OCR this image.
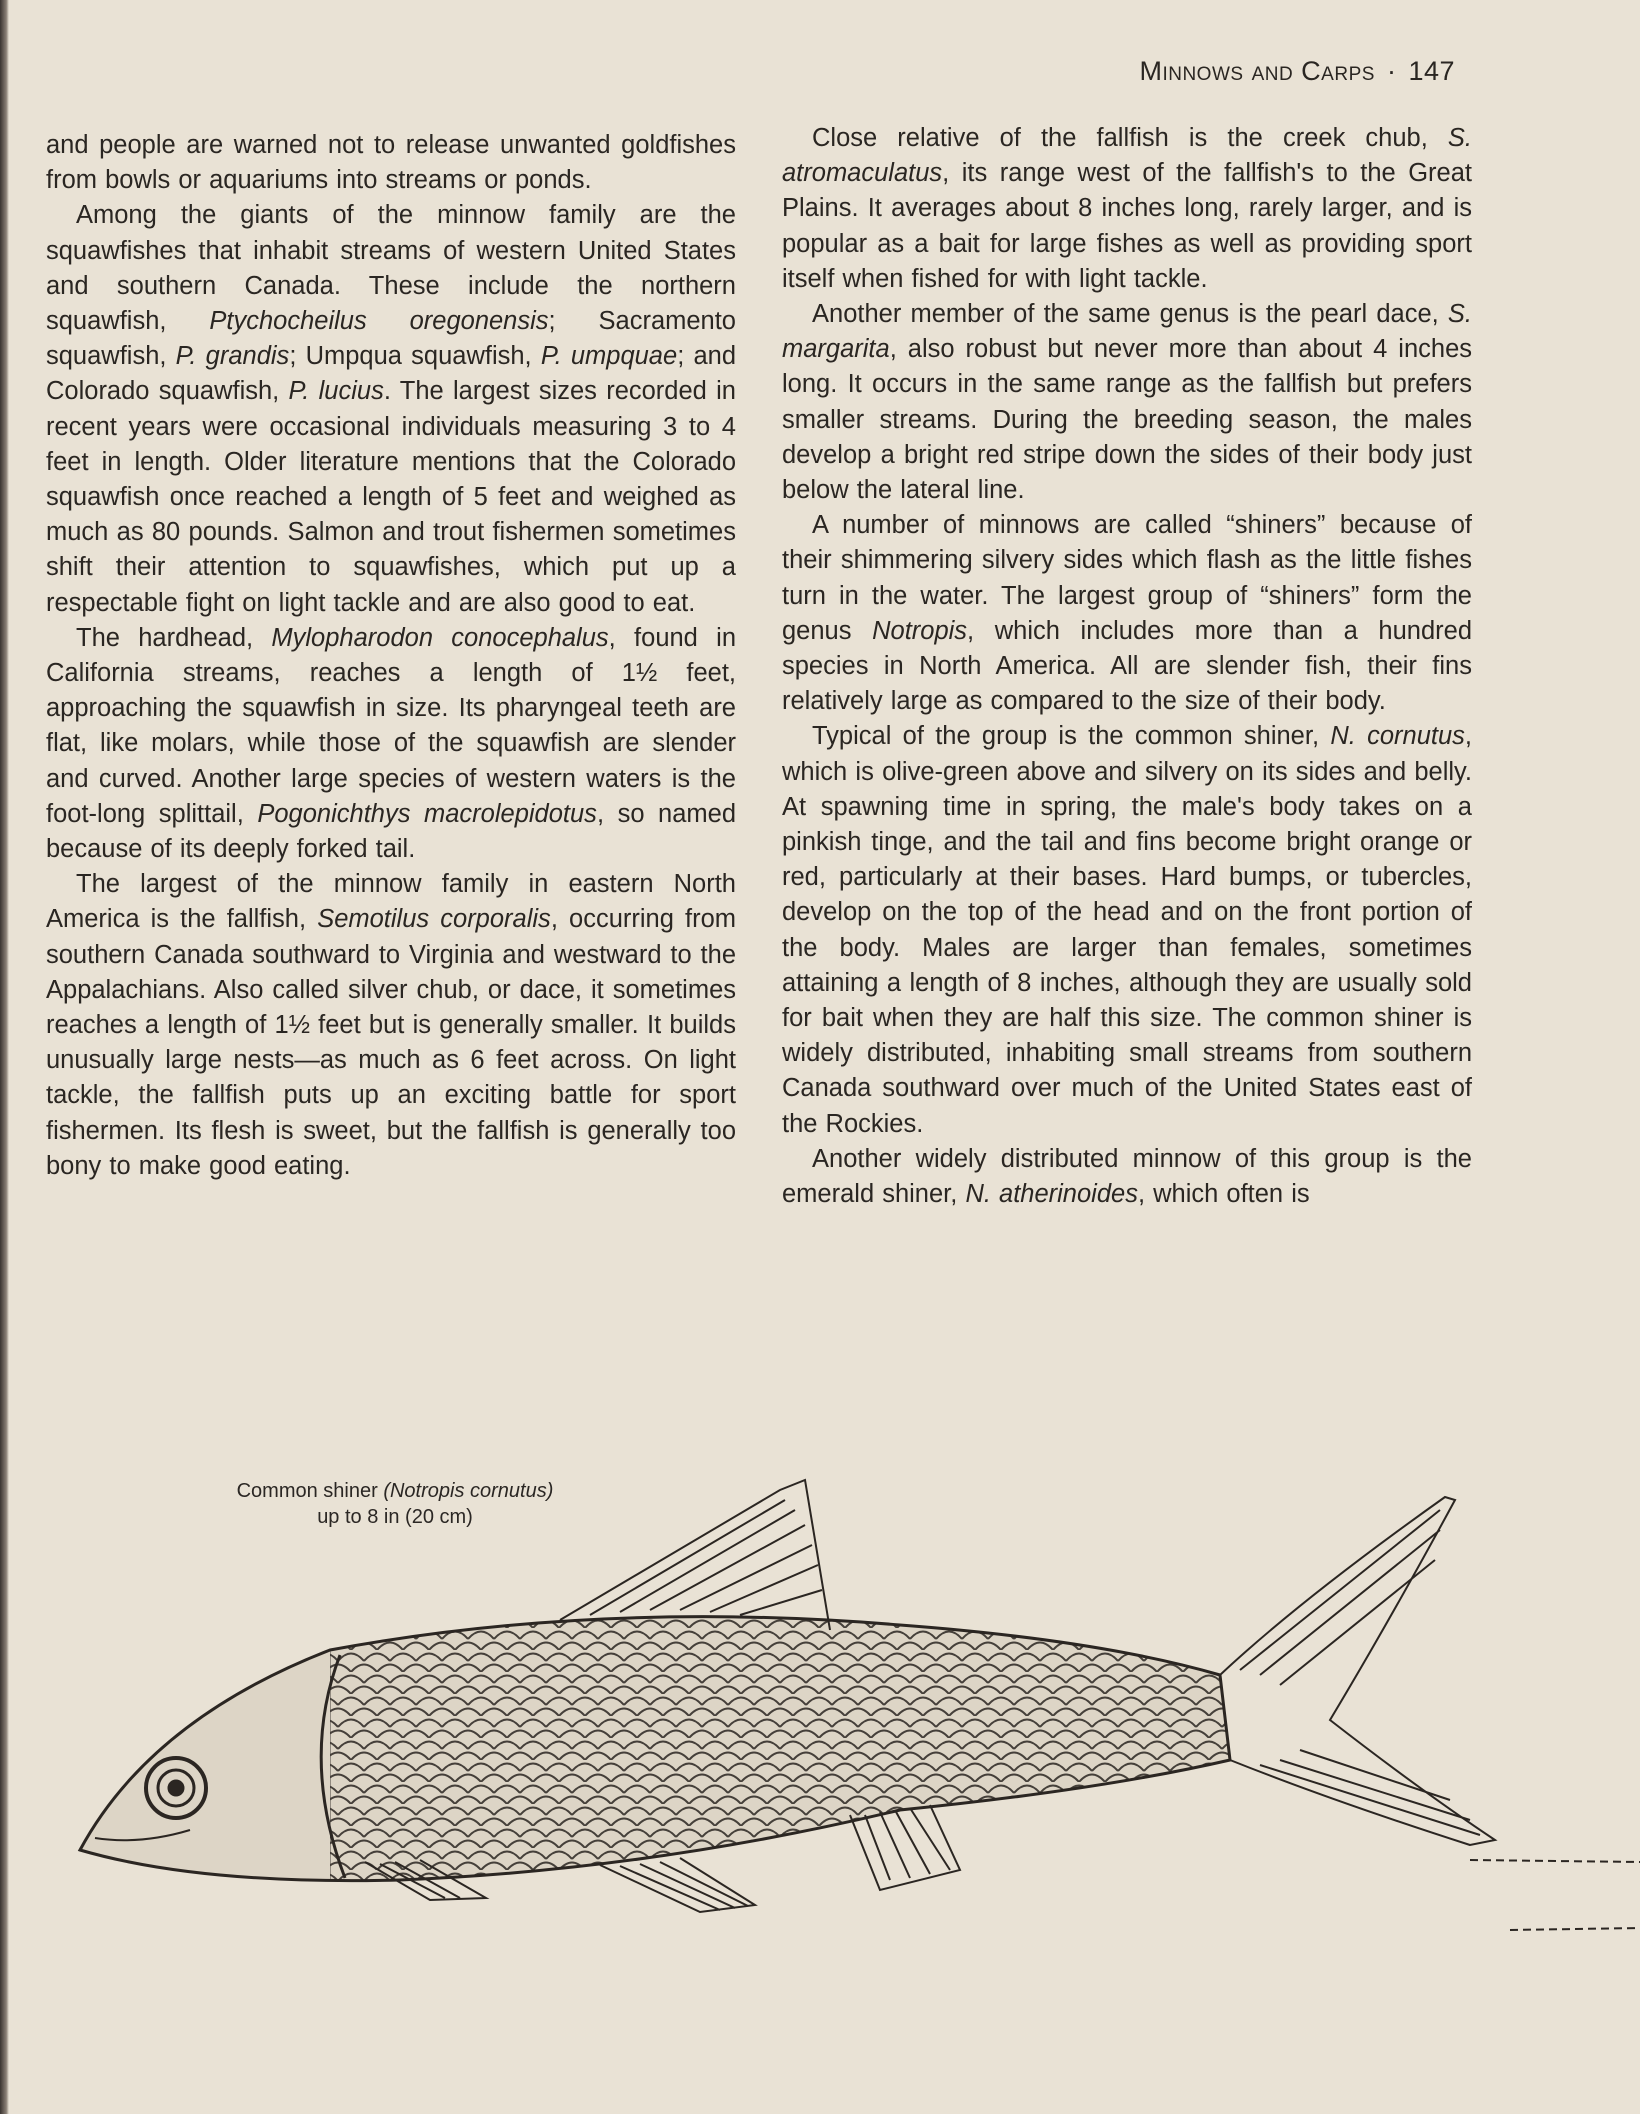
Minnows and Carps · 147

and people are warned not to release unwanted goldfishes from bowls or aquariums into streams or ponds.

Among the giants of the minnow family are the squawfishes that inhabit streams of western United States and southern Canada. These include the northern squawfish, Ptychocheilus oregonensis; Sacramento squawfish, P. grandis; Umpqua squawfish, P. umpquae; and Colorado squawfish, P. lucius. The largest sizes recorded in recent years were occasional individuals measuring 3 to 4 feet in length. Older literature mentions that the Colorado squawfish once reached a length of 5 feet and weighed as much as 80 pounds. Salmon and trout fishermen sometimes shift their attention to squawfishes, which put up a respectable fight on light tackle and are also good to eat.

The hardhead, Mylopharodon conocephalus, found in California streams, reaches a length of 1½ feet, approaching the squawfish in size. Its pharyngeal teeth are flat, like molars, while those of the squawfish are slender and curved. Another large species of western waters is the foot-long splittail, Pogonichthys macrolepidotus, so named because of its deeply forked tail.

The largest of the minnow family in eastern North America is the fallfish, Semotilus corporalis, occurring from southern Canada southward to Virginia and westward to the Appalachians. Also called silver chub, or dace, it sometimes reaches a length of 1½ feet but is generally smaller. It builds unusually large nests—as much as 6 feet across. On light tackle, the fallfish puts up an exciting battle for sport fishermen. Its flesh is sweet, but the fallfish is generally too bony to make good eating.

Close relative of the fallfish is the creek chub, S. atromaculatus, its range west of the fallfish's to the Great Plains. It averages about 8 inches long, rarely larger, and is popular as a bait for large fishes as well as providing sport itself when fished for with light tackle.

Another member of the same genus is the pearl dace, S. margarita, also robust but never more than about 4 inches long. It occurs in the same range as the fallfish but prefers smaller streams. During the breeding season, the males develop a bright red stripe down the sides of their body just below the lateral line.

A number of minnows are called “shiners” because of their shimmering silvery sides which flash as the little fishes turn in the water. The largest group of “shiners” form the genus Notropis, which includes more than a hundred species in North America. All are slender fish, their fins relatively large as compared to the size of their body.

Typical of the group is the common shiner, N. cornutus, which is olive-green above and silvery on its sides and belly. At spawning time in spring, the male's body takes on a pinkish tinge, and the tail and fins become bright orange or red, particularly at their bases. Hard bumps, or tubercles, develop on the top of the head and on the front portion of the body. Males are larger than females, sometimes attaining a length of 8 inches, although they are usually sold for bait when they are half this size. The common shiner is widely distributed, inhabiting small streams from southern Canada southward over much of the United States east of the Rockies.

Another widely distributed minnow of this group is the emerald shiner, N. atherinoides, which often is

Common shiner (Notropis cornutus)
up to 8 in (20 cm)
